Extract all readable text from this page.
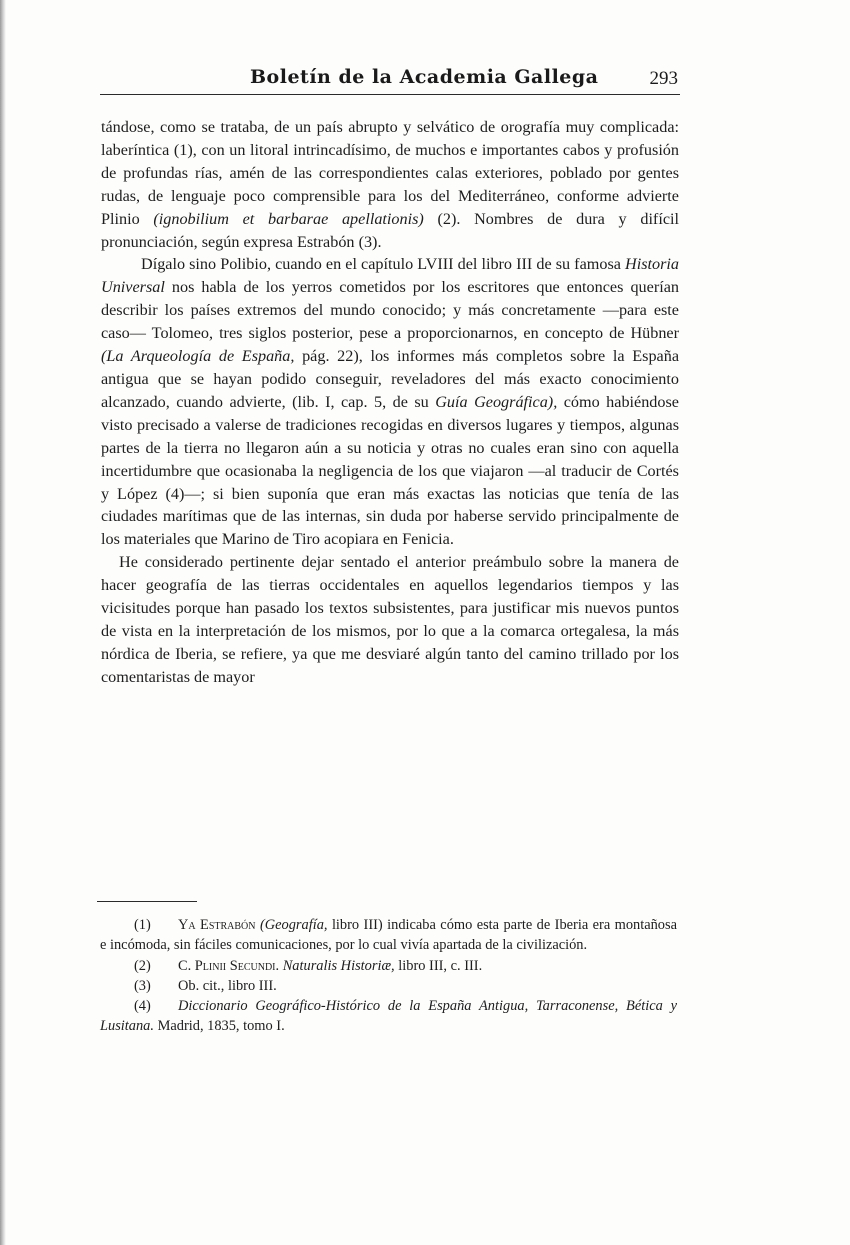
Boletín de la Academia Gallega	293

tándose, como se trataba, de un país abrupto y selvático de orografía muy complicada: laberíntica (1), con un litoral intrincadísimo, de muchos e importantes cabos y profusión de profundas rías, amén de las correspondientes calas exteriores, poblado por gentes rudas, de lenguaje poco comprensible para los del Mediterráneo, conforme advierte Plinio (ignobilium et barbarae apellationis) (2). Nombres de dura y difícil pronunciación, según expresa Estrabón (3).

Dígalo sino Polibio, cuando en el capítulo LVIII del libro III de su famosa Historia Universal nos habla de los yerros cometidos por los escritores que entonces querían describir los países extremos del mundo conocido; y más concretamente —para este caso— Tolomeo, tres siglos posterior, pese a proporcionarnos, en concepto de Hübner (La Arqueología de España, pág. 22), los informes más completos sobre la España antigua que se hayan podido conseguir, reveladores del más exacto conocimiento alcanzado, cuando advierte, (lib. I, cap. 5, de su Guía Geográfica), cómo habiéndose visto precisado a valerse de tradiciones recogidas en diversos lugares y tiempos, algunas partes de la tierra no llegaron aún a su noticia y otras no cuales eran sino con aquella incertidumbre que ocasionaba la negligencia de los que viajaron —al traducir de Cortés y López (4)—; si bien suponía que eran más exactas las noticias que tenía de las ciudades marítimas que de las internas, sin duda por haberse servido principalmente de los materiales que Marino de Tiro acopiara en Fenicia.

He considerado pertinente dejar sentado el anterior preámbulo sobre la manera de hacer geografía de las tierras occidentales en aquellos legendarios tiempos y las vicisitudes porque han pasado los textos subsistentes, para justificar mis nuevos puntos de vista en la interpretación de los mismos, por lo que a la comarca ortegalesa, la más nórdica de Iberia, se refiere, ya que me desviaré algún tanto del camino trillado por los comentaristas de mayor

(1) Ya Estrabón (Geografía, libro III) indicaba cómo esta parte de Iberia era montañosa e incómoda, sin fáciles comunicaciones, por lo cual vivía apartada de la civilización.

(2) C. Plinii Secundi. Naturalis Historiæ, libro III, c. III.

(3) Ob. cit., libro III.

(4) Diccionario Geográfico-Histórico de la España Antigua, Tarraconense, Bética y Lusitana. Madrid, 1835, tomo I.
